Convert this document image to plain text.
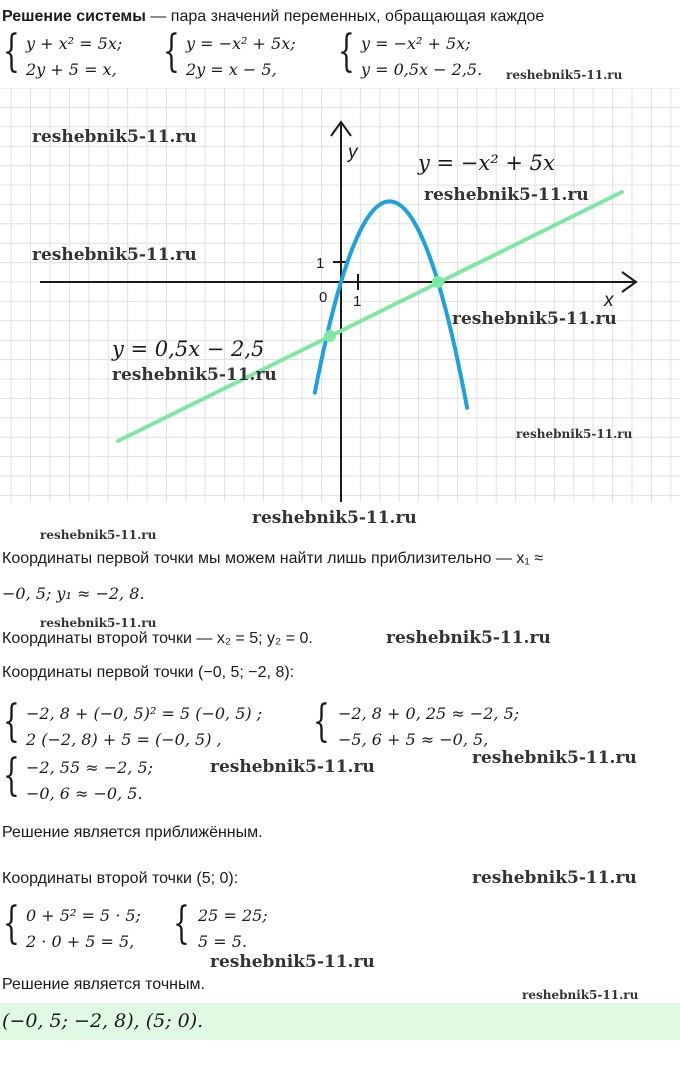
Решение системы — пара значений переменных, обращающая каждое
{ y + x² = 5x;
2y + 5 = x, { y = −x² + 5x;
2y = x − 5, { y = −x² + 5x;
y = 0,5x − 2,5. reshebnik5-11.ru
y
x
0 1
1
y = −x² + 5x
y = 0,5x − 2,5
reshebnik5-11.ru
reshebnik5-11.ru
reshebnik5-11.ru
reshebnik5-11.ru
reshebnik5-11.ru
reshebnik5-11.ru
reshebnik5-11.ru
reshebnik5-11.ru
Координаты первой точки мы можем найти лишь приблизительно — x₁ ≈
−0, 5; y₁ ≈ −2, 8.
reshebnik5-11.ru
Координаты второй точки — x₂ = 5; y₂ = 0.	reshebnik5-11.ru
Координаты первой точки (−0, 5; −2, 8):
{ −2, 8 + (−0, 5)² = 5 (−0, 5) ;
2 (−2, 8) + 5 = (−0, 5) , { −2, 8 + 0, 25 ≈ −2, 5;
−5, 6 + 5 ≈ −0, 5,
reshebnik5-11.ru
{ −2, 55 ≈ −2, 5;
−0, 6 ≈ −0, 5.
reshebnik5-11.ru
Решение является приближённым.
Координаты второй точки (5; 0):	reshebnik5-11.ru
{ 0 + 5² = 5 · 5;
2 · 0 + 5 = 5, { 25 = 25;
5 = 5.
reshebnik5-11.ru
Решение является точным.
reshebnik5-11.ru
(−0, 5; −2, 8), (5; 0).
